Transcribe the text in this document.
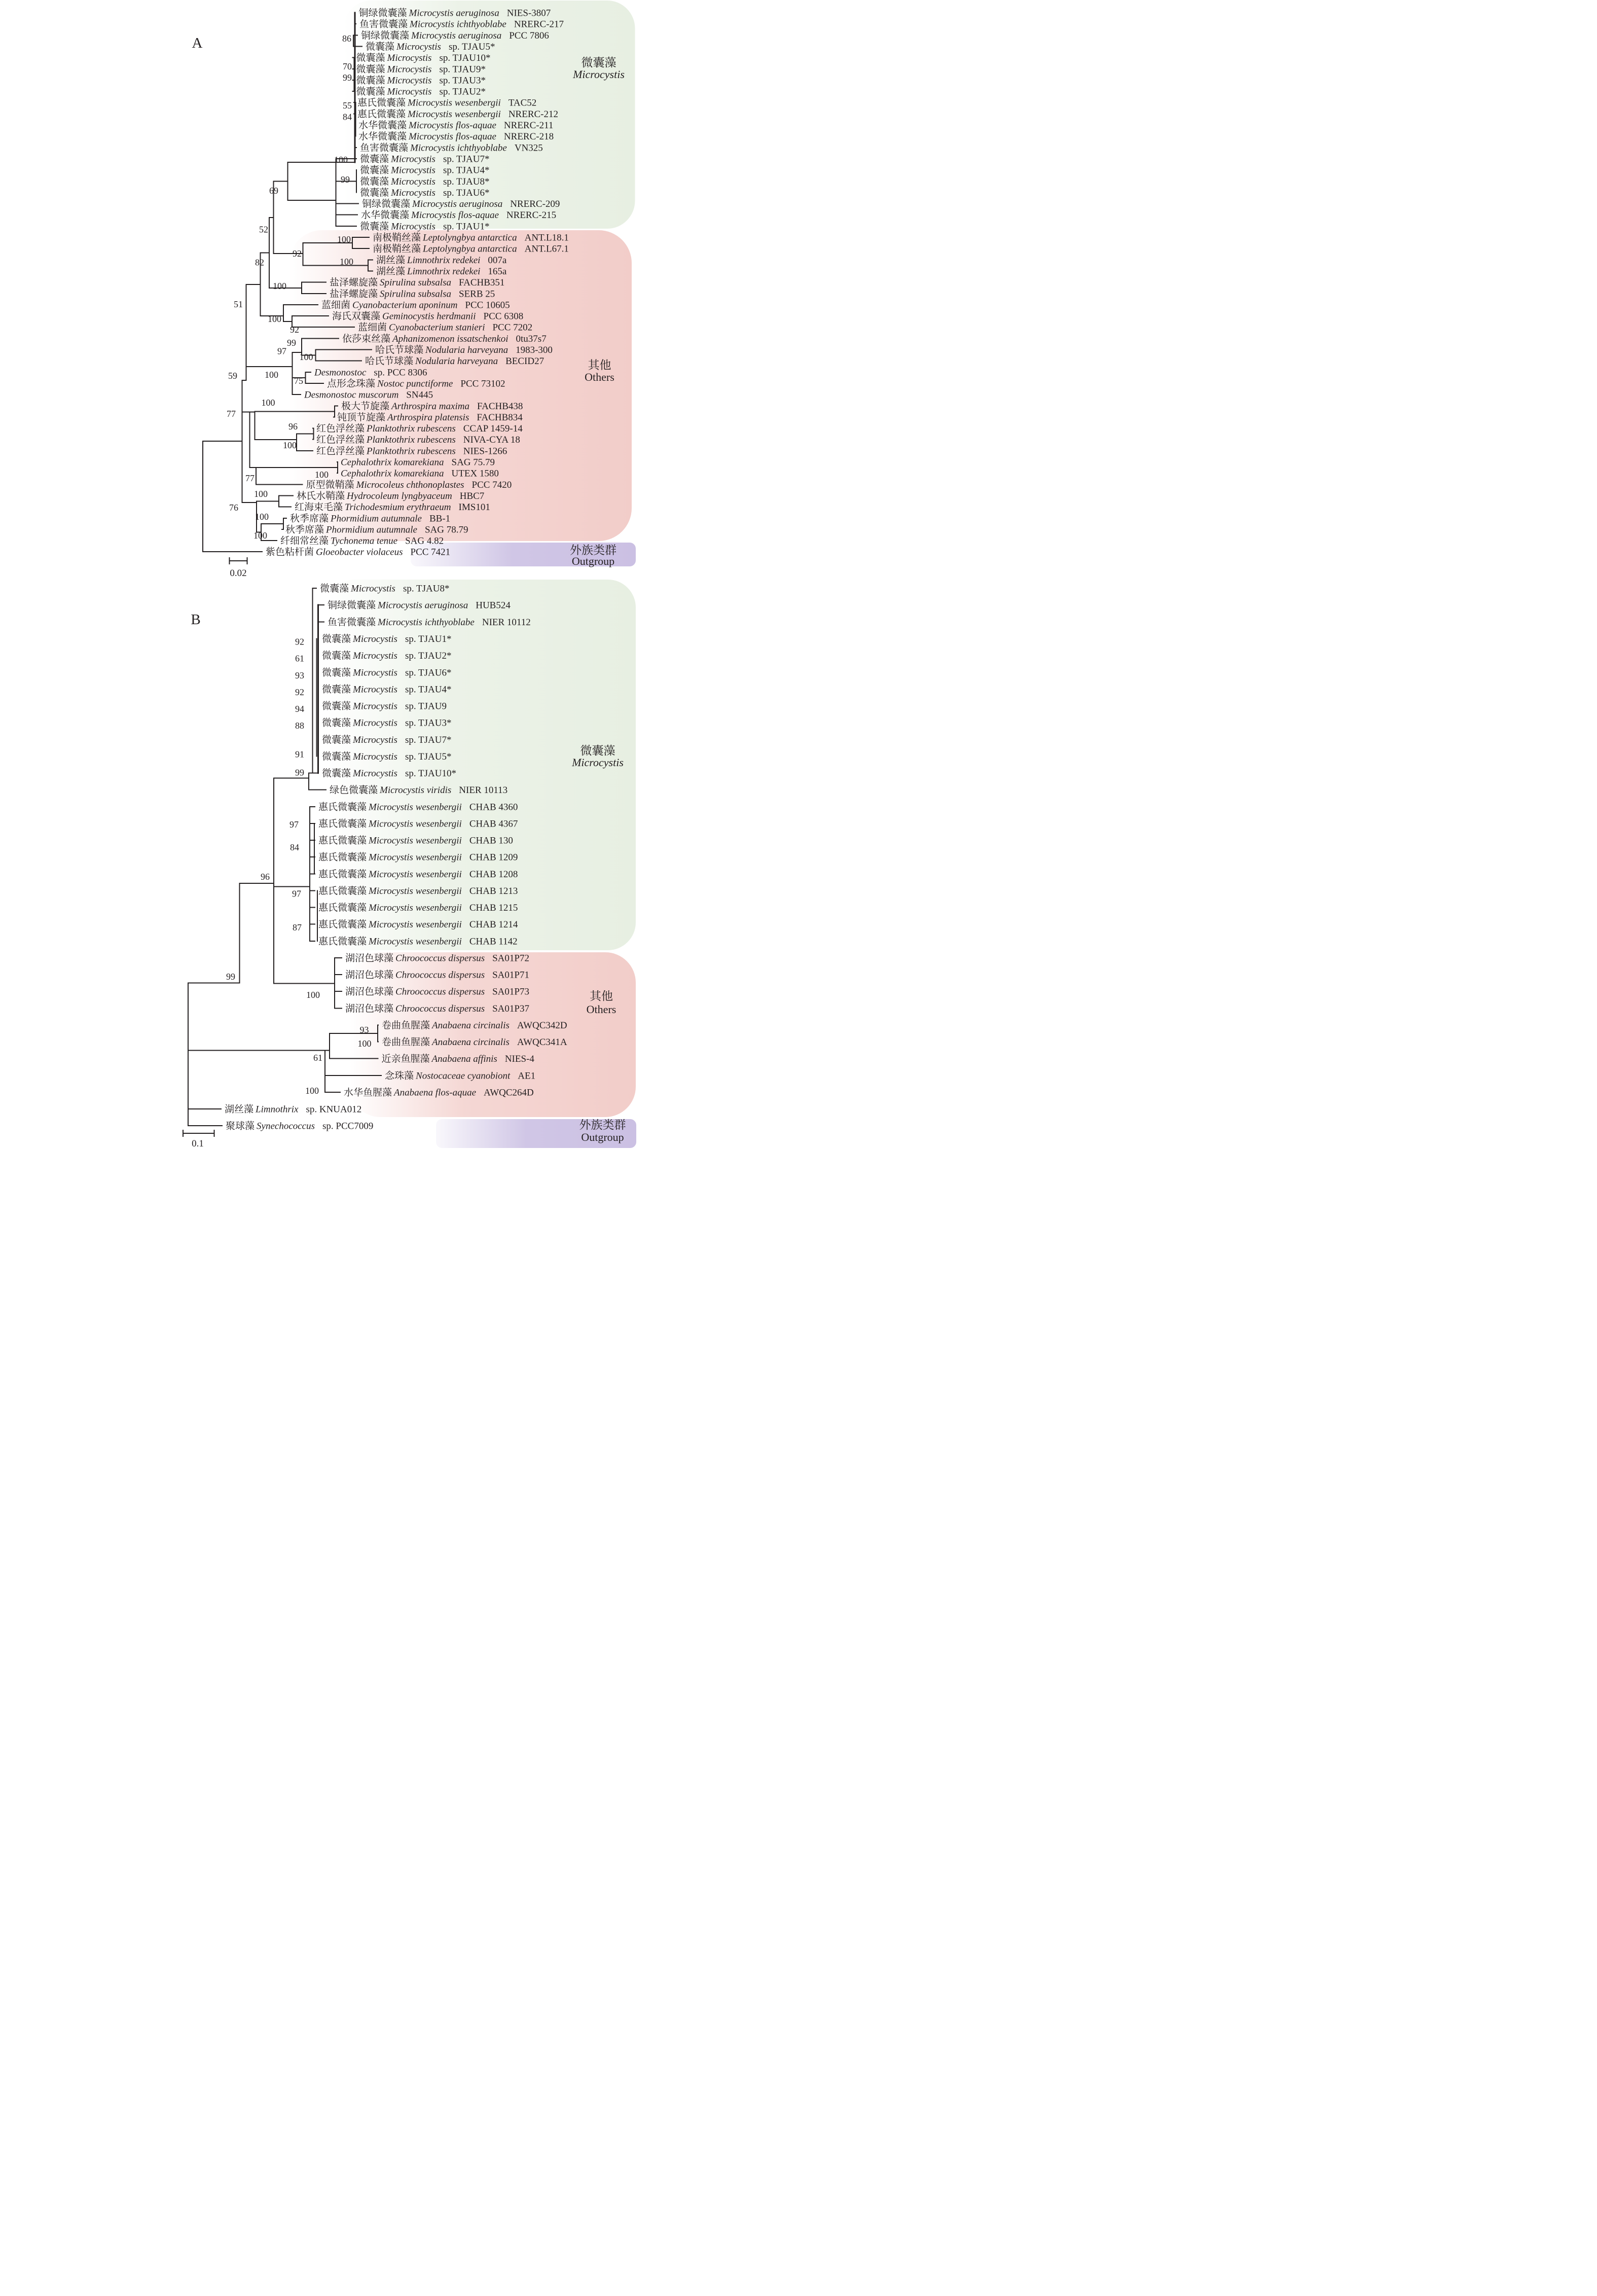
铜绿微囊藻 Microcystis aeruginosa NIES-3807
鱼害微囊藻 Microcystis ichthyoblabe NRERC-217
铜绿微囊藻 Microcystis aeruginosa PCC 7806
微囊藻 Microcystis sp. TJAU5*
微囊藻 Microcystis sp. TJAU10*
微囊藻 Microcystis sp. TJAU9*
微囊藻 Microcystis sp. TJAU3*
微囊藻 Microcystis sp. TJAU2*
惠氏微囊藻 Microcystis wesenbergii TAC52
惠氏微囊藻 Microcystis wesenbergii NRERC-212
水华微囊藻 Microcystis flos-aquae NRERC-211
水华微囊藻 Microcystis flos-aquae NRERC-218
鱼害微囊藻 Microcystis ichthyoblabe VN325
微囊藻 Microcystis sp. TJAU7*
微囊藻 Microcystis sp. TJAU4*
微囊藻 Microcystis sp. TJAU8*
微囊藻 Microcystis sp. TJAU6*
铜绿微囊藻 Microcystis aeruginosa NRERC-209
水华微囊藻 Microcystis flos-aquae NRERC-215
微囊藻 Microcystis sp. TJAU1*
南极鞘丝藻 Leptolyngbya antarctica ANT.L18.1
南极鞘丝藻 Leptolyngbya antarctica ANT.L67.1
湖丝藻 Limnothrix redekei 007a
湖丝藻 Limnothrix redekei 165a
盐泽螺旋藻 Spirulina subsalsa FACHB351
盐泽螺旋藻 Spirulina subsalsa SERB 25
蓝细菌 Cyanobacterium aponinum PCC 10605
海氏双囊藻 Geminocystis herdmanii PCC 6308
蓝细菌 Cyanobacterium stanieri PCC 7202
依莎束丝藻 Aphanizomenon issatschenkoi 0tu37s7
哈氏节球藻 Nodularia harveyana 1983-300
哈氏节球藻 Nodularia harveyana BECID27
Desmonostoc sp. PCC 8306
点形念珠藻 Nostoc punctiforme PCC 73102
Desmonostoc muscorum SN445
极大节旋藻 Arthrospira maxima FACHB438
钝顶节旋藻 Arthrospira platensis FACHB834
红色浮丝藻 Planktothrix rubescens CCAP 1459-14
红色浮丝藻 Planktothrix rubescens NIVA-CYA 18
红色浮丝藻 Planktothrix rubescens NIES-1266
Cephalothrix komarekiana SAG 75.79
Cephalothrix komarekiana UTEX 1580
原型微鞘藻 Microcoleus chthonoplastes PCC 7420
林氏水鞘藻 Hydrocoleum lyngbyaceum HBC7
红海束毛藻 Trichodesmium erythraeum IMS101
秋季席藻 Phormidium autumnale BB-1
秋季席藻 Phormidium autumnale SAG 78.79
纤细常丝藻 Tychonema tenue SAG 4.82
紫色粘杆菌 Gloeobacter violaceus PCC 7421
86
70
99
55
84
100
99
69
52
100
92
100
82
100
51
100
92
99
97
100
100
59	75
100
77
96
100
100
77
100
76
100
100
微囊藻
Microcystis
其他
Others
外族类群
Outgroup
A
0.02
微囊藻 Microcystis sp. TJAU8*
铜绿微囊藻 Microcystis aeruginosa HUB524
鱼害微囊藻 Microcystis ichthyoblabe NIER 10112
微囊藻 Microcystis sp. TJAU1*
微囊藻 Microcystis sp. TJAU2*
微囊藻 Microcystis sp. TJAU6*
微囊藻 Microcystis sp. TJAU4*
微囊藻 Microcystis sp. TJAU9
微囊藻 Microcystis sp. TJAU3*
微囊藻 Microcystis sp. TJAU7*
微囊藻 Microcystis sp. TJAU5*
微囊藻 Microcystis sp. TJAU10*
绿色微囊藻 Microcystis viridis NIER 10113
惠氏微囊藻 Microcystis wesenbergii CHAB 4360
惠氏微囊藻 Microcystis wesenbergii CHAB 4367
惠氏微囊藻 Microcystis wesenbergii CHAB 130
惠氏微囊藻 Microcystis wesenbergii CHAB 1209
惠氏微囊藻 Microcystis wesenbergii CHAB 1208
惠氏微囊藻 Microcystis wesenbergii CHAB 1213
惠氏微囊藻 Microcystis wesenbergii CHAB 1215
惠氏微囊藻 Microcystis wesenbergii CHAB 1214
惠氏微囊藻 Microcystis wesenbergii CHAB 1142
湖沼色球藻 Chroococcus dispersus SA01P72
湖沼色球藻 Chroococcus dispersus SA01P71
湖沼色球藻 Chroococcus dispersus SA01P73
湖沼色球藻 Chroococcus dispersus SA01P37
卷曲鱼腥藻 Anabaena circinalis AWQC342D
卷曲鱼腥藻 Anabaena circinalis AWQC341A
近亲鱼腥藻 Anabaena affinis NIES-4
念珠藻 Nostocaceae cyanobiont AE1
水华鱼腥藻 Anabaena flos-aquae AWQC264D
湖丝藻 Limnothrix sp. KNUA012
聚球藻 Synechococcus sp. PCC7009
92
61
93
92
94
88
91
99
97
84
97
87
96
99
100
93
100
61
100
微囊藻
Microcystis
其他
Others
外族类群
Outgroup
B
0.1
